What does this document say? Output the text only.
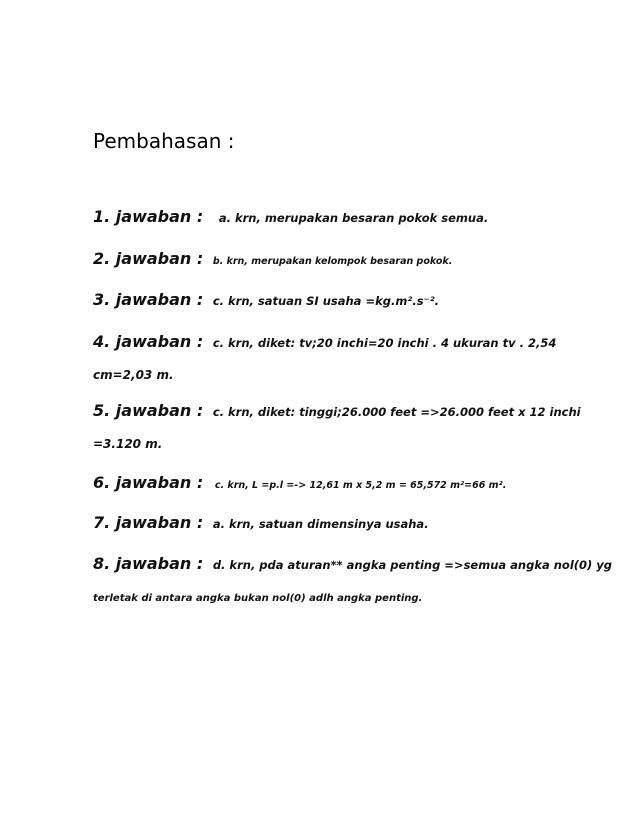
Pembahasan :
1. jawaban : a. krn, merupakan besaran pokok semua.
2. jawaban : b. krn, merupakan kelompok besaran pokok.
3. jawaban : c. krn, satuan SI usaha =kg.m².s⁻².
4. jawaban : c. krn, diket: tv;20 inchi=20 inchi . 4 ukuran tv . 2,54
cm=2,03 m.
5. jawaban : c. krn, diket: tinggi;26.000 feet =>26.000 feet x 12 inchi
=3.120 m.
6. jawaban : c. krn, L =p.l =-> 12,61 m x 5,2 m = 65,572 m²=66 m².
7. jawaban : a. krn, satuan dimensinya usaha.
8. jawaban : d. krn, pda aturan** angka penting =>semua angka nol(0) yg
terletak di antara angka bukan nol(0) adlh angka penting.
